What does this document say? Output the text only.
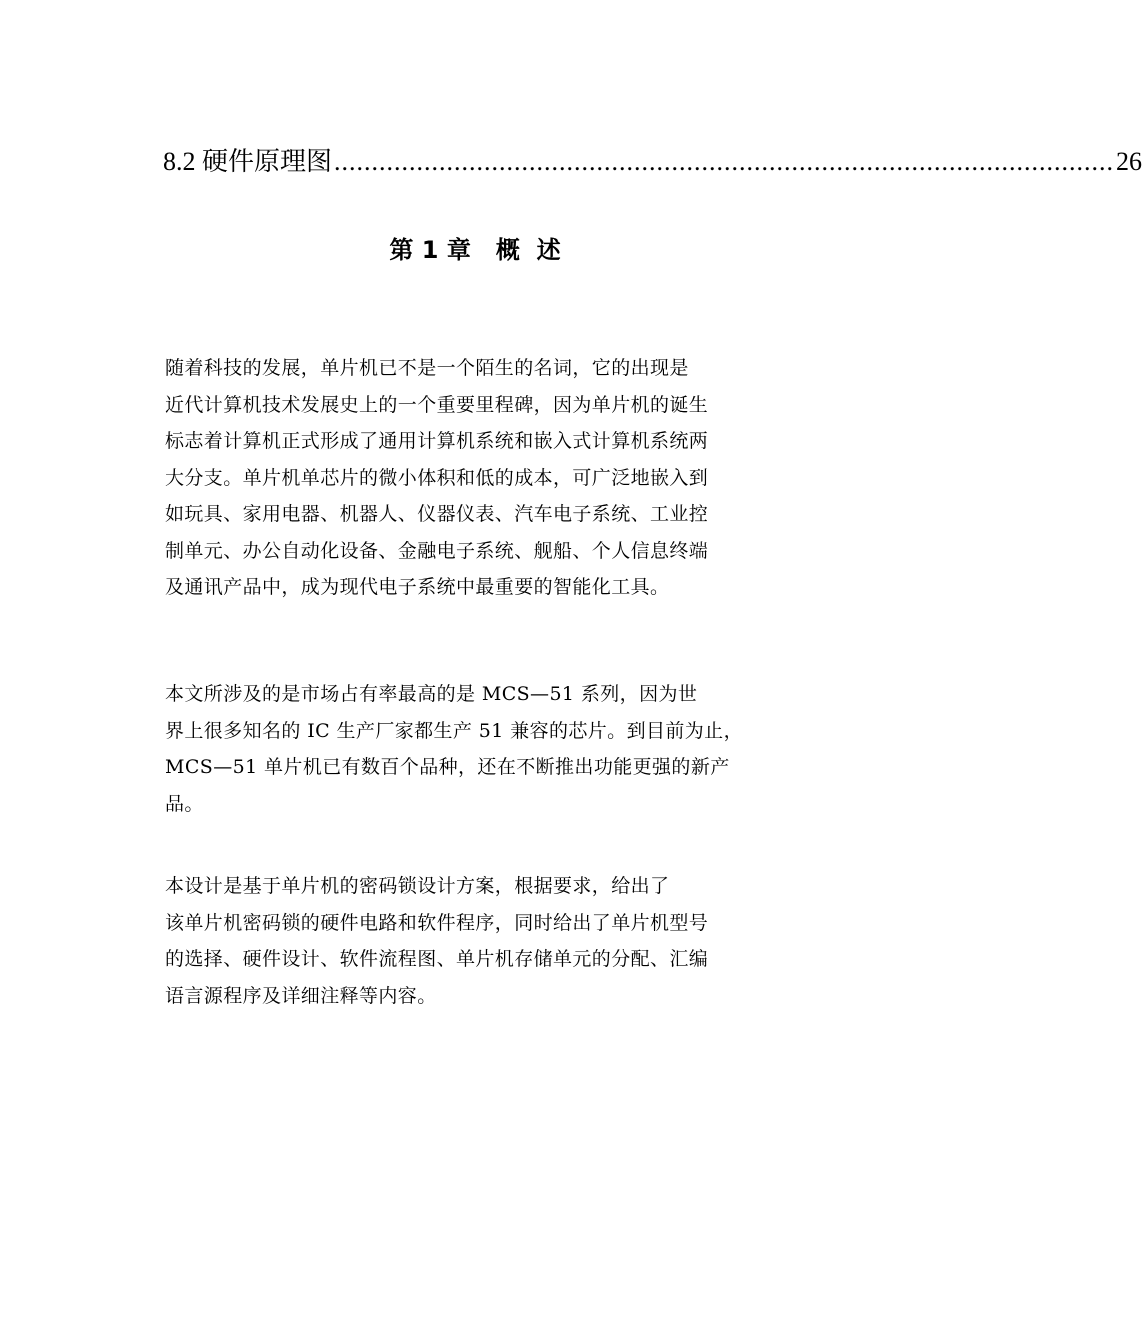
8.2 硬件原理图 ........................................................................................................ 26
第 1 章   概  述
随着科技的发展，单片机已不是一个陌生的名词，它的出现是
近代计算机技术发展史上的一个重要里程碑，因为单片机的诞生
标志着计算机正式形成了通用计算机系统和嵌入式计算机系统两
大分支。单片机单芯片的微小体积和低的成本，可广泛地嵌入到
如玩具、家用电器、机器人、仪器仪表、汽车电子系统、工业控
制单元、办公自动化设备、金融电子系统、舰船、个人信息终端
及通讯产品中，成为现代电子系统中最重要的智能化工具。
本文所涉及的是市场占有率最高的是 MCS—51 系列，因为世
界上很多知名的 IC 生产厂家都生产 51 兼容的芯片。到目前为止，
MCS—51 单片机已有数百个品种，还在不断推出功能更强的新产
品。
本设计是基于单片机的密码锁设计方案，根据要求，给出了
该单片机密码锁的硬件电路和软件程序，同时给出了单片机型号
的选择、硬件设计、软件流程图、单片机存储单元的分配、汇编
语言源程序及详细注释等内容。
